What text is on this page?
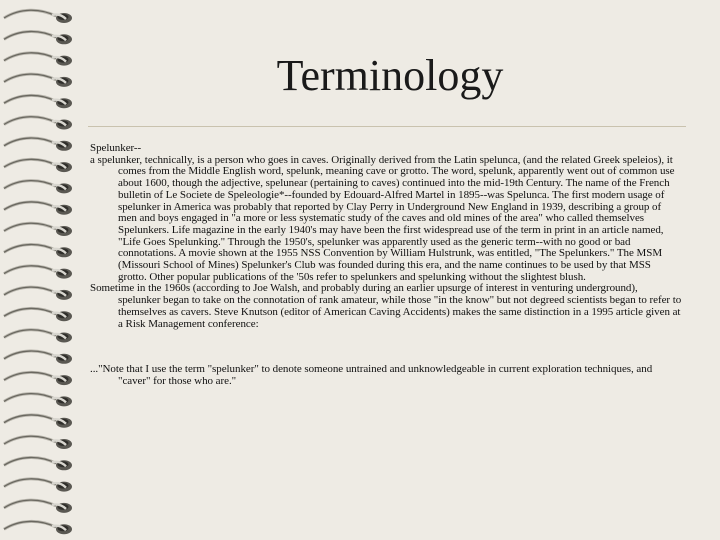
Terminology

Spelunker--

a spelunker, technically, is a person who goes in caves. Originally derived from the Latin spelunca, (and the related Greek speleios), it comes from the Middle English word, spelunk, meaning cave or grotto. The word, spelunk, apparently went out of common use about 1600, though the adjective, spelunear (pertaining to caves) continued into the mid-19th Century. The name of the French bulletin of Le Societe de Speleologie*--founded by Edouard-Alfred Martel in 1895--was Spelunca. The first modern usage of spelunker in America was probably that reported by Clay Perry in Underground New England in 1939, describing a group of men and boys engaged in "a more or less systematic study of the caves and old mines of the area" who called themselves Spelunkers. Life magazine in the early 1940's may have been the first widespread use of the term in print in an article named, "Life Goes Spelunking." Through the 1950's, spelunker was apparently used as the generic term--with no good or bad connotations. A movie shown at the 1955 NSS Convention by William Hulstrunk, was entitled, "The Spelunkers." The MSM (Missouri School of Mines) Spelunker's Club was founded during this era, and the name continues to be used by that MSS grotto. Other popular publications of the '50s refer to spelunkers and spelunking without the slightest blush.

Sometime in the 1960s (according to Joe Walsh, and probably during an earlier upsurge of interest in venturing underground), spelunker began to take on the connotation of rank amateur, while those "in the know" but not degreed scientists began to refer to themselves as cavers. Steve Knutson (editor of American Caving Accidents) makes the same distinction in a 1995 article given at a Risk Management conference:

..."Note that I use the term "spelunker" to denote someone untrained and unknowledgeable in current exploration techniques, and "caver" for those who are."
